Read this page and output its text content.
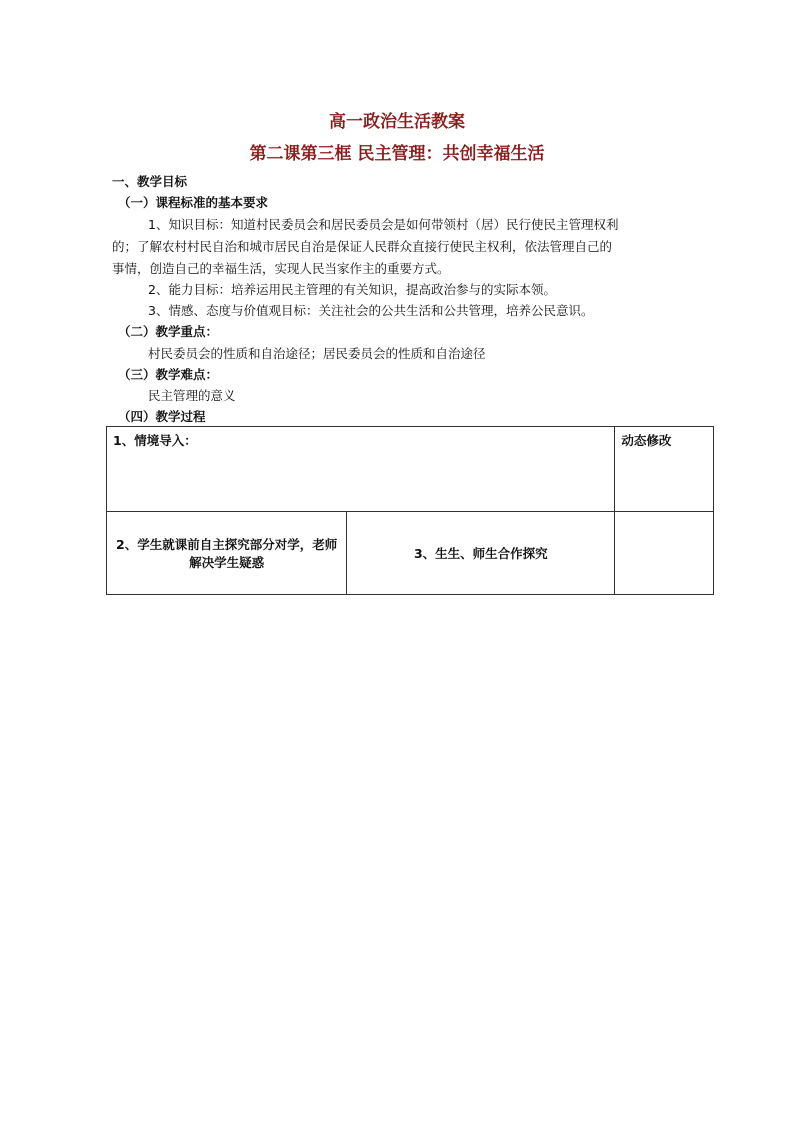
高一政治生活教案
第二课第三框 民主管理：共创幸福生活
一、教学目标
（一）课程标准的基本要求
1、知识目标：知道村民委员会和居民委员会是如何带领村（居）民行使民主管理权利
的；了解农村村民自治和城市居民自治是保证人民群众直接行使民主权利，依法管理自己的
事情，创造自己的幸福生活，实现人民当家作主的重要方式。
2、能力目标：培养运用民主管理的有关知识，提高政治参与的实际本领。
3、情感、态度与价值观目标：关注社会的公共生活和公共管理，培养公民意识。
（二）教学重点：
村民委员会的性质和自治途径；居民委员会的性质和自治途径
（三）教学难点：
民主管理的意义
（四）教学过程
1、情境导入：		动态修改
2、学生就课前自主探究部分对学，老师解决学生疑惑	3、生生、师生合作探究	
